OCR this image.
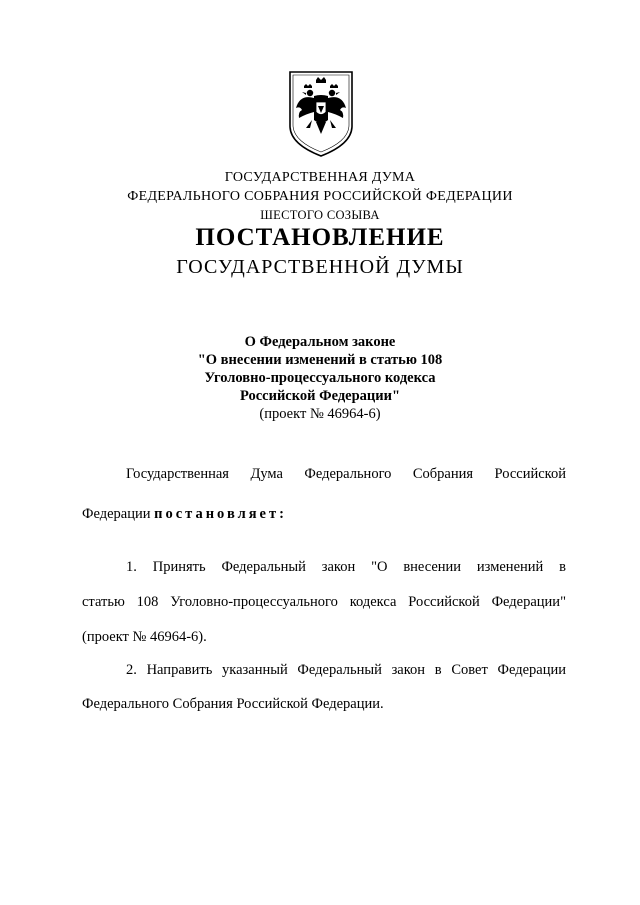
ГОСУДАРСТВЕННАЯ ДУМА
ФЕДЕРАЛЬНОГО СОБРАНИЯ РОССИЙСКОЙ ФЕДЕРАЦИИ
ШЕСТОГО СОЗЫВА
ПОСТАНОВЛЕНИЕ
ГОСУДАРСТВЕННОЙ ДУМЫ
О Федеральном законе
"О внесении изменений в статью 108
Уголовно-процессуального кодекса
Российской Федерации"
(проект № 46964-6)
Государственная Дума Федерального Собрания Российской
Федерации постановляет:
1. Принять Федеральный закон "О внесении изменений в
статью 108 Уголовно-процессуального кодекса Российской Федерации"
(проект № 46964-6).
2. Направить указанный Федеральный закон в Совет Федерации
Федерального Собрания Российской Федерации.
